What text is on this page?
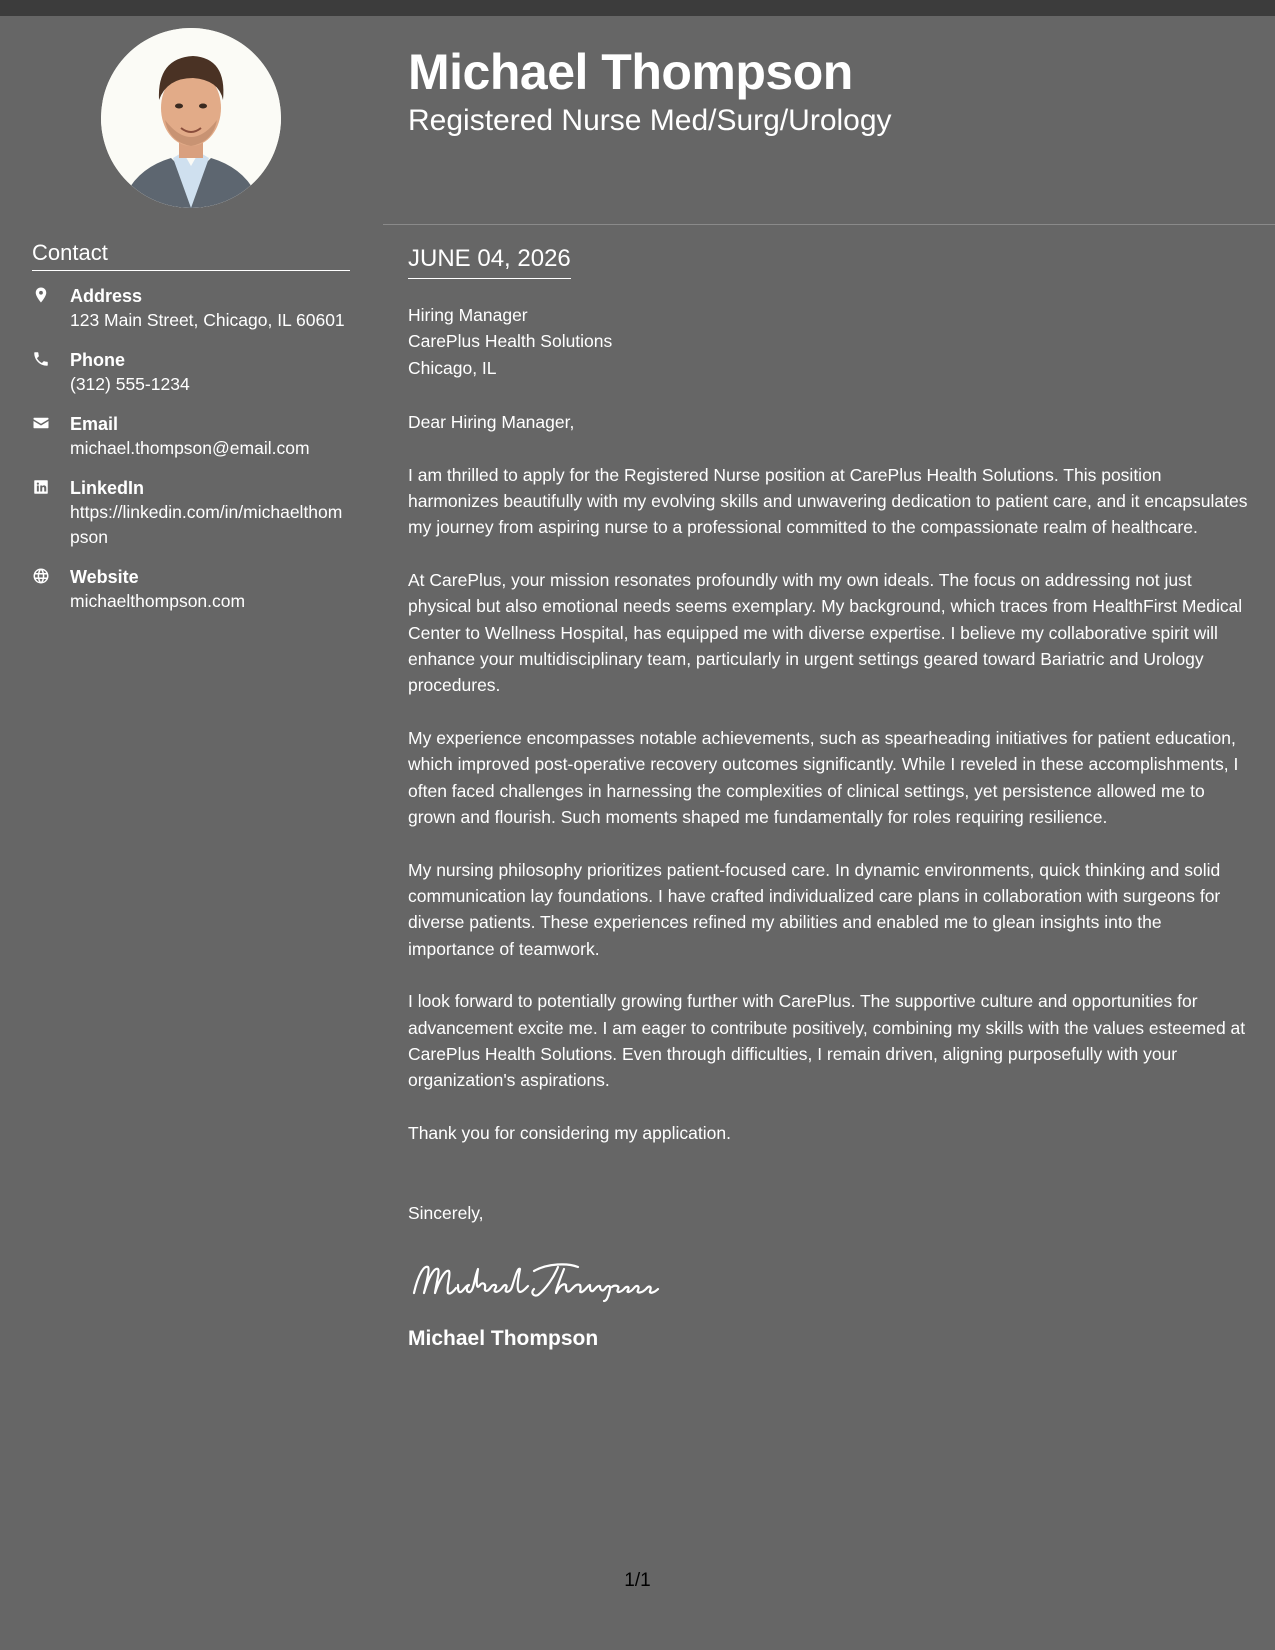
Contact
Address
123 Main Street, Chicago, IL 60601
Phone
(312) 555-1234
Email
michael.thompson@email.com
LinkedIn
https://linkedin.com/in/michaelthompson
Website
michaelthompson.com
Michael Thompson
Registered Nurse Med/Surg/Urology
JUNE 04, 2026
Hiring Manager
CarePlus Health Solutions
Chicago, IL
Dear Hiring Manager,
I am thrilled to apply for the Registered Nurse position at CarePlus Health Solutions. This position harmonizes beautifully with my evolving skills and unwavering dedication to patient care, and it encapsulates my journey from aspiring nurse to a professional committed to the compassionate realm of healthcare.
At CarePlus, your mission resonates profoundly with my own ideals. The focus on addressing not just physical but also emotional needs seems exemplary. My background, which traces from HealthFirst Medical Center to Wellness Hospital, has equipped me with diverse expertise. I believe my collaborative spirit will enhance your multidisciplinary team, particularly in urgent settings geared toward Bariatric and Urology procedures.
My experience encompasses notable achievements, such as spearheading initiatives for patient education, which improved post-operative recovery outcomes significantly. While I reveled in these accomplishments, I often faced challenges in harnessing the complexities of clinical settings, yet persistence allowed me to grown and flourish. Such moments shaped me fundamentally for roles requiring resilience.
My nursing philosophy prioritizes patient-focused care. In dynamic environments, quick thinking and solid communication lay foundations. I have crafted individualized care plans in collaboration with surgeons for diverse patients. These experiences refined my abilities and enabled me to glean insights into the importance of teamwork.
I look forward to potentially growing further with CarePlus. The supportive culture and opportunities for advancement excite me. I am eager to contribute positively, combining my skills with the values esteemed at CarePlus Health Solutions. Even through difficulties, I remain driven, aligning purposefully with your organization's aspirations.
Thank you for considering my application.
Sincerely,
Michael Thompson
1/1
